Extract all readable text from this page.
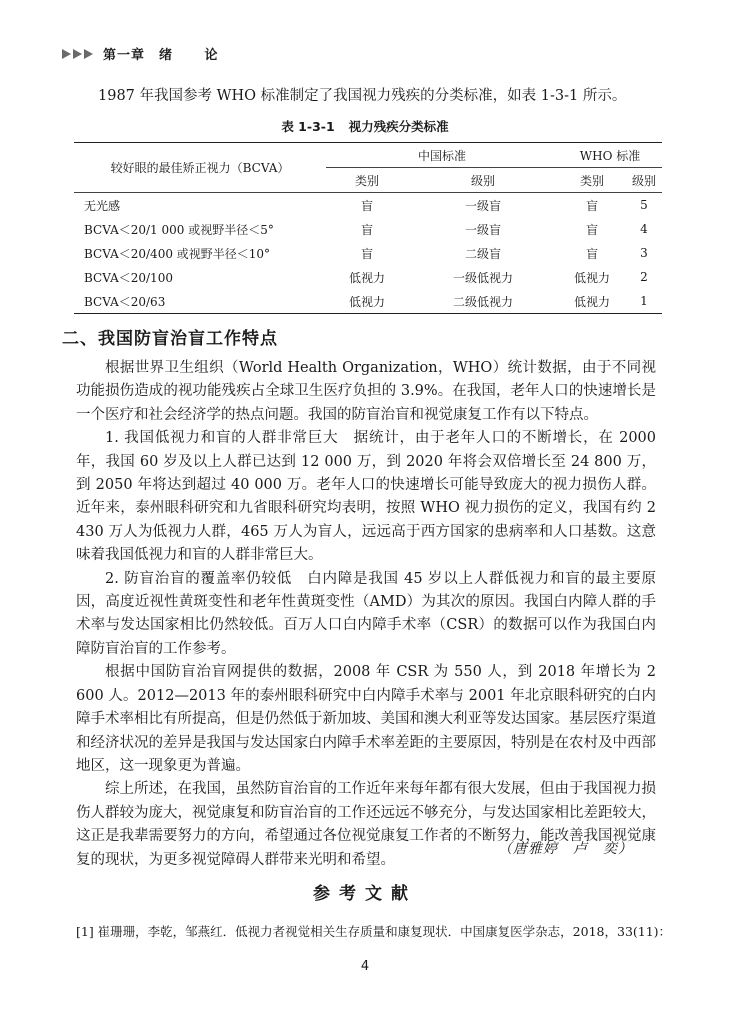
第一章 绪 论
1987 年我国参考 WHO 标准制定了我国视力残疾的分类标准，如表 1-3-1 所示。
表 1-3-1 视力残疾分类标准

较好眼的最佳矫正视力（BCVA）	中国标准		WHO 标准	
	类别	级别	类别	级别
无光感	盲	一级盲	盲	5
BCVA＜20/1 000 或视野半径＜5°	盲	一级盲	盲	4
BCVA＜20/400 或视野半径＜10°	盲	二级盲	盲	3
BCVA＜20/100	低视力	一级低视力	低视力	2
BCVA＜20/63	低视力	二级低视力	低视力	1
二、我国防盲治盲工作特点

根据世界卫生组织（World Health Organization，WHO）统计数据，由于不同视功能损伤造成的视功能残疾占全球卫生医疗负担的 3.9%。在我国，老年人口的快速增长是一个医疗和社会经济学的热点问题。我国的防盲治盲和视觉康复工作有以下特点。

1. 我国低视力和盲的人群非常巨大　据统计，由于老年人口的不断增长，在 2000 年，我国 60 岁及以上人群已达到 12 000 万，到 2020 年将会双倍增长至 24 800 万，到 2050 年将达到超过 40 000 万。老年人口的快速增长可能导致庞大的视力损伤人群。近年来，泰州眼科研究和九省眼科研究均表明，按照 WHO 视力损伤的定义，我国有约 2 430 万人为低视力人群，465 万人为盲人，远远高于西方国家的患病率和人口基数。这意味着我国低视力和盲的人群非常巨大。

2. 防盲治盲的覆盖率仍较低　白内障是我国 45 岁以上人群低视力和盲的最主要原因，高度近视性黄斑变性和老年性黄斑变性（AMD）为其次的原因。我国白内障人群的手术率与发达国家相比仍然较低。百万人口白内障手术率（CSR）的数据可以作为我国白内障防盲治盲的工作参考。

根据中国防盲治盲网提供的数据，2008 年 CSR 为 550 人，到 2018 年增长为 2 600 人。2012—2013 年的泰州眼科研究中白内障手术率与 2001 年北京眼科研究的白内障手术率相比有所提高，但是仍然低于新加坡、美国和澳大利亚等发达国家。基层医疗渠道和经济状况的差异是我国与发达国家白内障手术率差距的主要原因，特别是在农村及中西部地区，这一现象更为普遍。

综上所述，在我国，虽然防盲治盲的工作近年来每年都有很大发展，但由于我国视力损伤人群较为庞大，视觉康复和防盲治盲的工作还远远不够充分，与发达国家相比差距较大，这正是我辈需要努力的方向，希望通过各位视觉康复工作者的不断努力，能改善我国视觉康复的现状，为更多视觉障碍人群带来光明和希望。

（唐雅婷　卢　奕）
参考文献
[1] 崔珊珊，李乾，邹燕红．低视力者视觉相关生存质量和康复现状．中国康复医学杂志，2018，33(11)：
4
